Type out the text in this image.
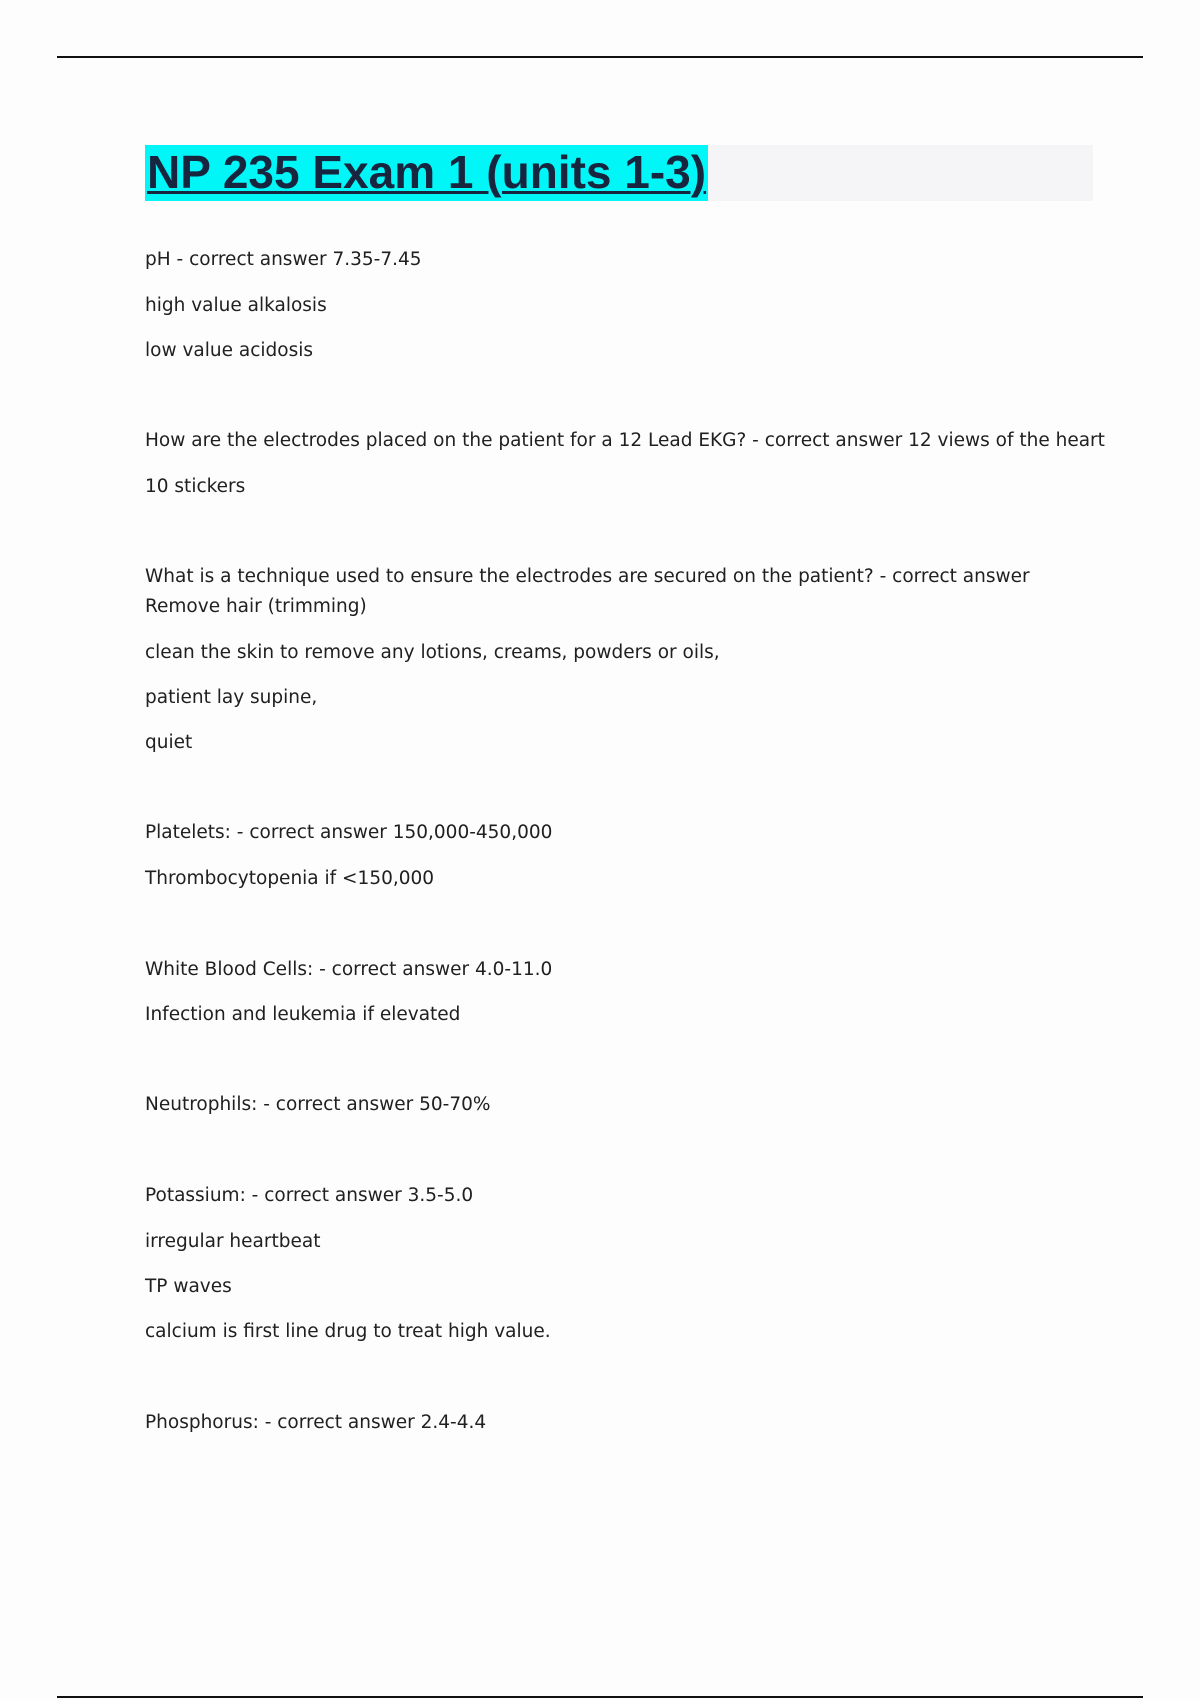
NP 235 Exam 1 (units 1-3)

pH - correct answer 7.35-7.45

high value alkalosis

low value acidosis

How are the electrodes placed on the patient for a 12 Lead EKG? - correct answer 12 views of the heart

10 stickers

What is a technique used to ensure the electrodes are secured on the patient? - correct answer Remove hair (trimming)

clean the skin to remove any lotions, creams, powders or oils,

patient lay supine,

quiet

Platelets: - correct answer 150,000-450,000

Thrombocytopenia if <150,000

White Blood Cells: - correct answer 4.0-11.0

Infection and leukemia if elevated

Neutrophils: - correct answer 50-70%

Potassium: - correct answer 3.5-5.0

irregular heartbeat

TP waves

calcium is first line drug to treat high value.

Phosphorus: - correct answer 2.4-4.4
